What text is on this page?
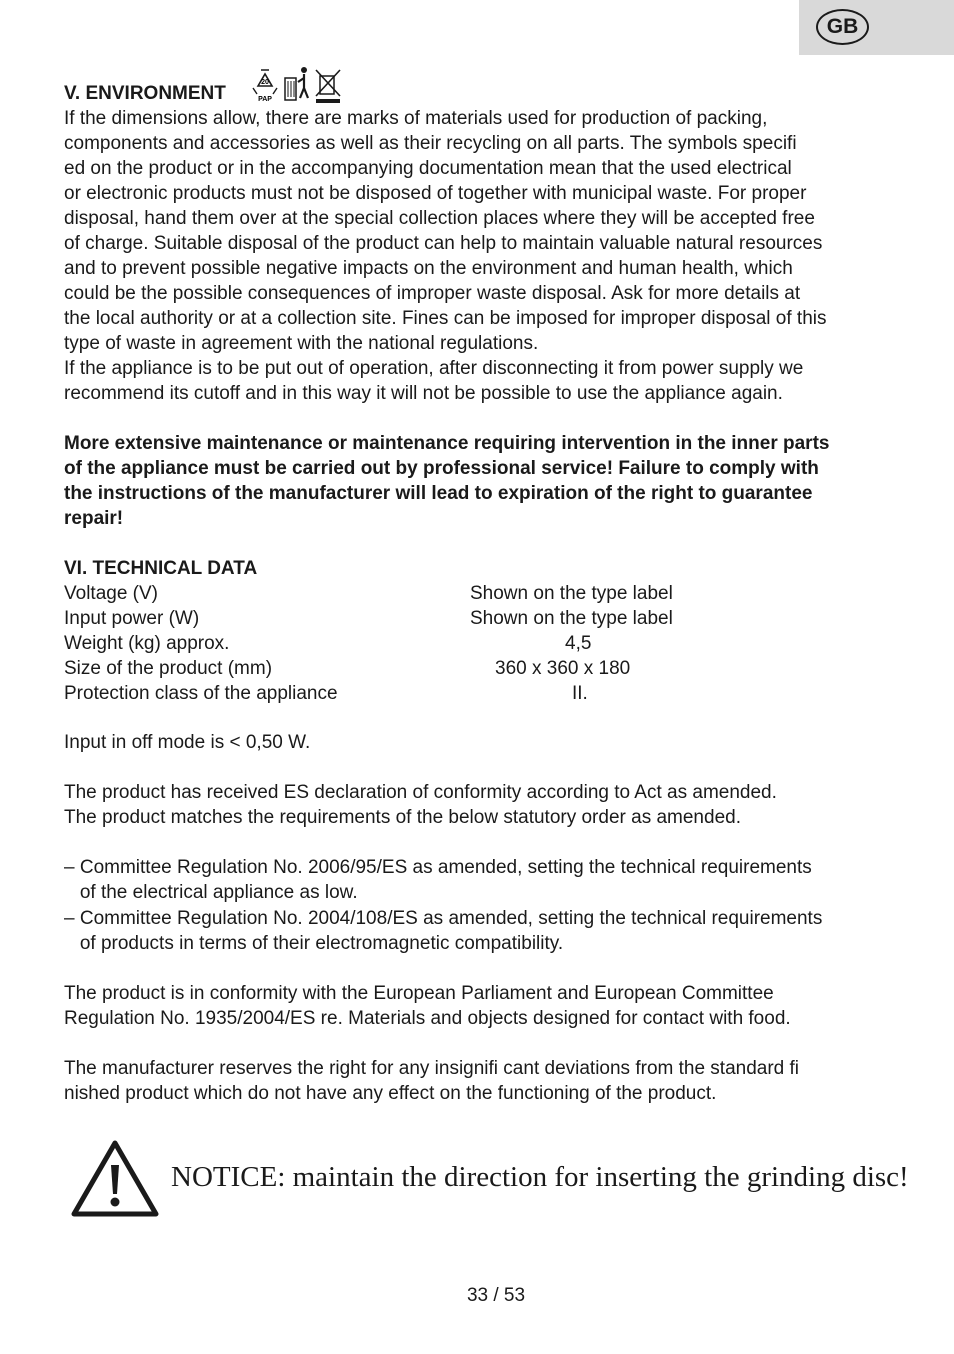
GB
V. ENVIRONMENT
20
PAP
If the dimensions allow, there are marks of materials used for production of packing,
components and accessories as well as their recycling on all parts. The symbols specifi
ed on the product or in the accompanying documentation mean that the used electrical
or electronic products must not be disposed of together with municipal waste. For proper
disposal, hand them over at the special collection places where they will be accepted free
of charge. Suitable disposal of the product can help to maintain valuable natural resources
and to prevent possible negative impacts on the environment and human health, which
could be the possible consequences of improper waste disposal. Ask for more details at
the local authority or at a collection site. Fines can be imposed for improper disposal of this
type of waste in agreement with the national regulations.
If the appliance is to be put out of operation, after disconnecting it from power supply we
recommend its cutoff and in this way it will not be possible to use the appliance again.
More extensive maintenance or maintenance requiring intervention in the inner parts
of the appliance must be carried out by professional service! Failure to comply with
the instructions of the manufacturer will lead to expiration of the right to guarantee
repair!
VI. TECHNICAL DATA
Voltage (V)	Shown on the type label
Input power (W)	Shown on the type label
Weight (kg) approx.	4,5
Size of the product (mm)	360 x 360 x 180
Protection class of the appliance	II.
Input in off mode is < 0,50 W.
The product has received ES declaration of conformity according to Act as amended.
The product matches the requirements of the below statutory order as amended.
– Committee Regulation No. 2006/95/ES as amended, setting the technical requirements
of the electrical appliance as low.
– Committee Regulation No. 2004/108/ES as amended, setting the technical requirements
of products in terms of their electromagnetic compatibility.
The product is in conformity with the European Parliament and European Committee
Regulation No. 1935/2004/ES re. Materials and objects designed for contact with food.
The manufacturer reserves the right for any insignifi cant deviations from the standard fi
nished product which do not have any effect on the functioning of the product.
NOTICE: maintain the direction for inserting the grinding disc!
33 / 53
